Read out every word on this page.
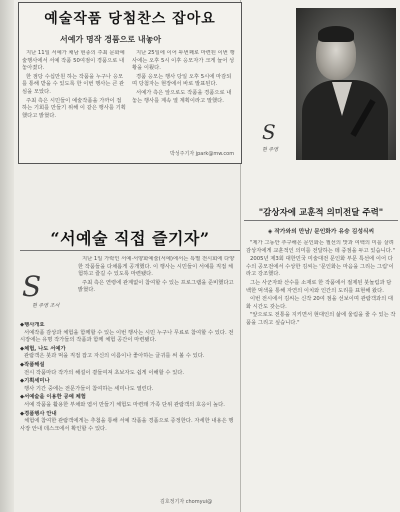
예술작품 당첨찬스 잡아요
서예가 명작 경품으로 내놓아

지난 11일 서예가 채남 현종의 주최 문화예술행사에서 서예 작품 50여점이 경품으로 내놓아졌다.

한 점당 수십만원 하는 작품을 누구나 응모를 통해 받을 수 있도록 한 이번 행사는 큰 관심을 모았다.

주최 측은 시민들이 예술작품을 가까이 접하는 기회를 만들기 위해 이 같은 행사를 기획했다고 밝혔다.

지난 25일에 이어 두번째로 마련된 이번 행사에는 오후 5시 이후 응모자가 크게 늘어 성황을 이뤘다.

경품 응모는 행사 당일 오후 5시에 마감되며 당첨자는 현장에서 바로 발표된다.

서예가 측은 앞으로도 작품을 경품으로 내놓는 행사를 계속 열 계획이라고 말했다.

박성주기자 jpark@mw.com
S
현 주영
“서예술 직접 즐기자”
S
현 주영 조서

지난 1일 가락인 서예·서양화예술(서예)에서는 특별 전시회에 다양한 작품들을 다채롭게 공개했다. 이 행사는 시민들이 서예를 직접 체험하고 즐길 수 있도록 마련됐다.

주최 측은 연령에 관계없이 참여할 수 있는 프로그램을 준비했다고 밝혔다.

◆행사개요

서예작품 감상과 체험을 함께할 수 있는 이번 행사는 시민 누구나 무료로 참여할 수 있다. 전시장에는 유명 작가들의 작품과 함께 체험 공간이 마련됐다.

◆체험, 나도 서예가

관람객은 붓과 먹을 직접 잡고 자신의 이름이나 좋아하는 글귀를 써 볼 수 있다.

◆작품해설

전시 작품마다 작가의 해설이 곁들여져 초보자도 쉽게 이해할 수 있다.

◆기획세미나

행사 기간 중에는 전문가들이 참여하는 세미나도 열린다.

◆서예술을 이용한 공예 체험

서예 작품을 활용한 부채와 엽서 만들기 체험도 마련돼 가족 단위 관람객의 호응이 높다.

◆경품행사 안내

체험에 참여한 관람객에게는 추첨을 통해 서예 작품을 경품으로 증정한다. 자세한 내용은 행사장 안내 데스크에서 확인할 수 있다.

김호정기자 chomyui@
"감상자에 교훈적 의미전달 주력"
◈ 작가와의 만남/ 문인화가 유승 김성식씨

"제가 그동안 추구해온 문인화는 필선의 맛과 여백의 미를 살려 감상자에게 교훈적인 의미를 전달하는 데 중점을 두고 있습니다."

2005년 제3회 대한민국 미술대전 문인화 부문 특선에 이어 다수의 공모전에서 수상한 김씨는 '문인화는 마음을 그리는 그림'이라고 강조했다.

그는 사군자와 산수를 소재로 한 작품에서 절제된 붓놀림과 담백한 먹색을 통해 자연의 이치와 인간의 도리를 표현해 왔다.

이번 전시에서 김씨는 신작 20여 점을 선보이며 관람객과의 대화 시간도 갖는다.

"앞으로도 전통을 지키면서 현대인의 삶에 울림을 줄 수 있는 작품을 그리고 싶습니다."
